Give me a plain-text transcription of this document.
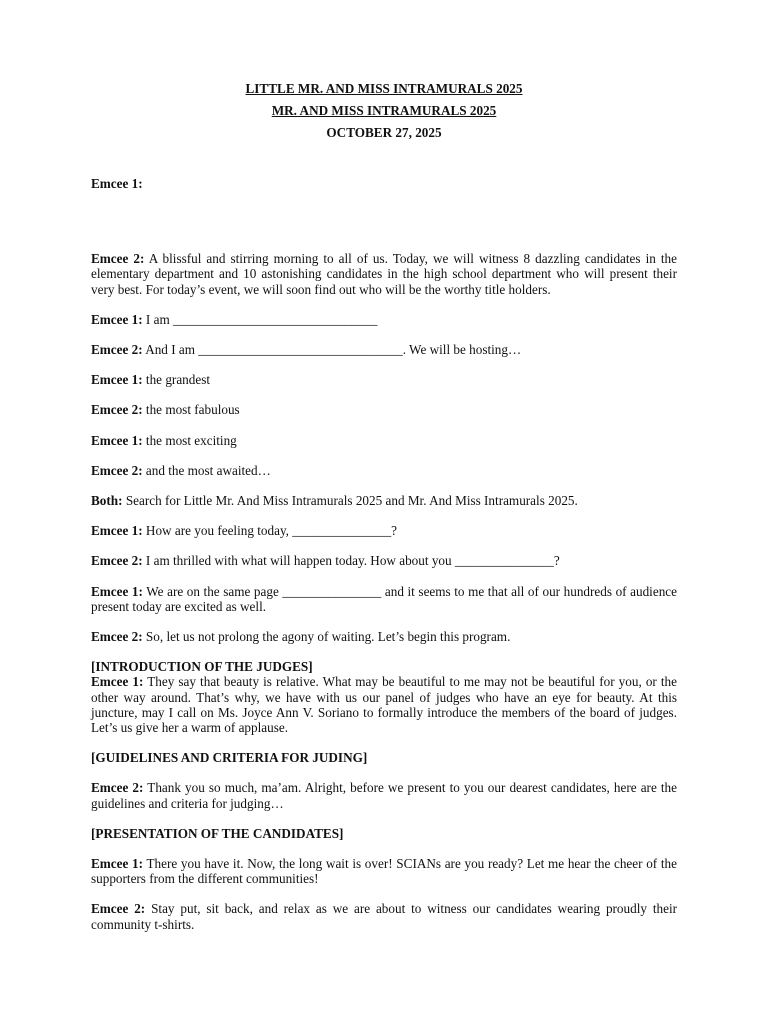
LITTLE MR. AND MISS INTRAMURALS 2025
MR. AND MISS INTRAMURALS 2025
OCTOBER 27, 2025

Emcee 1:

Emcee 2: A blissful and stirring morning to all of us. Today, we will witness 8 dazzling candidates in the elementary department and 10 astonishing candidates in the high school department who will present their very best. For today’s event, we will soon find out who will be the worthy title holders.

Emcee 1: I am _______________________________

Emcee 2: And I am _______________________________. We will be hosting…

Emcee 1: the grandest

Emcee 2: the most fabulous

Emcee 1: the most exciting

Emcee 2: and the most awaited…

Both: Search for Little Mr. And Miss Intramurals 2025 and Mr. And Miss Intramurals 2025.

Emcee 1: How are you feeling today, _______________?

Emcee 2: I am thrilled with what will happen today. How about you _______________?

Emcee 1: We are on the same page _______________ and it seems to me that all of our hundreds of audience present today are excited as well.

Emcee 2: So, let us not prolong the agony of waiting. Let’s begin this program.

[INTRODUCTION OF THE JUDGES]

Emcee 1: They say that beauty is relative. What may be beautiful to me may not be beautiful for you, or the other way around. That’s why, we have with us our panel of judges who have an eye for beauty. At this juncture, may I call on Ms. Joyce Ann V. Soriano to formally introduce the members of the board of judges. Let’s us give her a warm of applause.

[GUIDELINES AND CRITERIA FOR JUDING]

Emcee 2: Thank you so much, ma’am. Alright, before we present to you our dearest candidates, here are the guidelines and criteria for judging…

[PRESENTATION OF THE CANDIDATES]

Emcee 1: There you have it. Now, the long wait is over! SCIANs are you ready? Let me hear the cheer of the supporters from the different communities!

Emcee 2: Stay put, sit back, and relax as we are about to witness our candidates wearing proudly their community t-shirts.
